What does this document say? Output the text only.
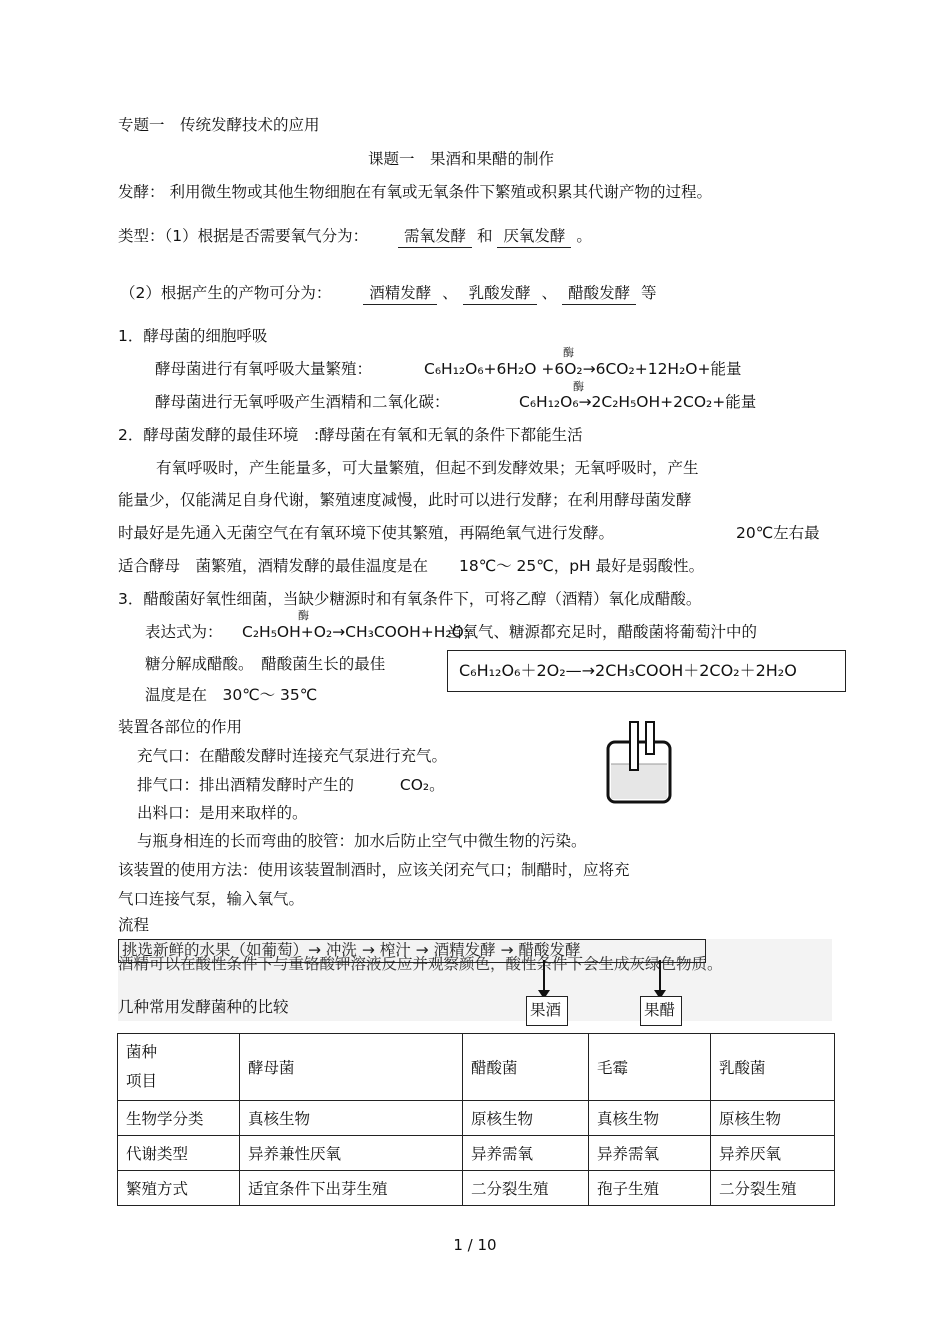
专题一　传统发酵技术的应用
课题一　果酒和果醋的制作
发酵： 利用微生物或其他生物细胞在有氧或无氧条件下繁殖或积累其代谢产物的过程。
类型：（1）根据是否需要氧气分为： 需氧发酵 和 厌氧发酵 。
（2）根据产生的产物可分为： 酒精发酵 、 乳酸发酵 、 醋酸发酵 等
1．酵母菌的细胞呼吸
酶
酵母菌进行有氧呼吸大量繁殖：	C₆H₁₂O₆+6H₂O +6O₂→6CO₂+12H₂O+能量
酶
酵母菌进行无氧呼吸产生酒精和二氧化碳：	C₆H₁₂O₆→2C₂H₅OH+2CO₂+能量
2．酵母菌发酵的最佳环境　:酵母菌在有氧和无氧的条件下都能生活
有氧呼吸时，产生能量多，可大量繁殖，但起不到发酵效果；无氧呼吸时，产生
能量少，仅能满足自身代谢，繁殖速度减慢，此时可以进行发酵；在利用酵母菌发酵
时最好是先通入无菌空气在有氧环境下使其繁殖，再隔绝氧气进行发酵。	20℃左右最
适合酵母　菌繁殖，酒精发酵的最佳温度是在　　18℃～ 25℃，pH 最好是弱酸性。
3．醋酸菌好氧性细菌，当缺少糖源时和有氧条件下，可将乙醇（酒精）氧化成醋酸。
酶
表达式为： C₂H₅OH+O₂→CH₃COOH+H₂O;
当氧气、糖源都充足时，醋酸菌将葡萄汁中的
糖分解成醋酸。　醋酸菌生长的最佳
温度是在　30℃～ 35℃
C₆H₁₂O₆＋2O₂—→2CH₃COOH＋2CO₂＋2H₂O
装置各部位的作用
充气口：在醋酸发酵时连接充气泵进行充气。
排气口：排出酒精发酵时产生的	CO₂。
出料口：是用来取样的。
与瓶身相连的长而弯曲的胶管：加水后防止空气中微生物的污染。
该装置的使用方法：使用该装置制酒时，应该关闭充气口；制醋时，应将充
气口连接气泵，输入氧气。
流程
酒精可以在酸性条件下与重铬酸钾溶液反应并观察颜色，酸性条件下会生成灰绿色物质。
挑选新鲜的水果（如葡萄）→ 冲洗 → 榨汁 → 酒精发酵 → 醋酸发酵
果酒	果醋
几种常用发酵菌种的比较
菌种
项目	酵母菌	醋酸菌	毛霉	乳酸菌
生物学分类	真核生物	原核生物	真核生物	原核生物
代谢类型	异养兼性厌氧	异养需氧	异养需氧	异养厌氧
繁殖方式	适宜条件下出芽生殖	二分裂生殖	孢子生殖	二分裂生殖
1 / 10
